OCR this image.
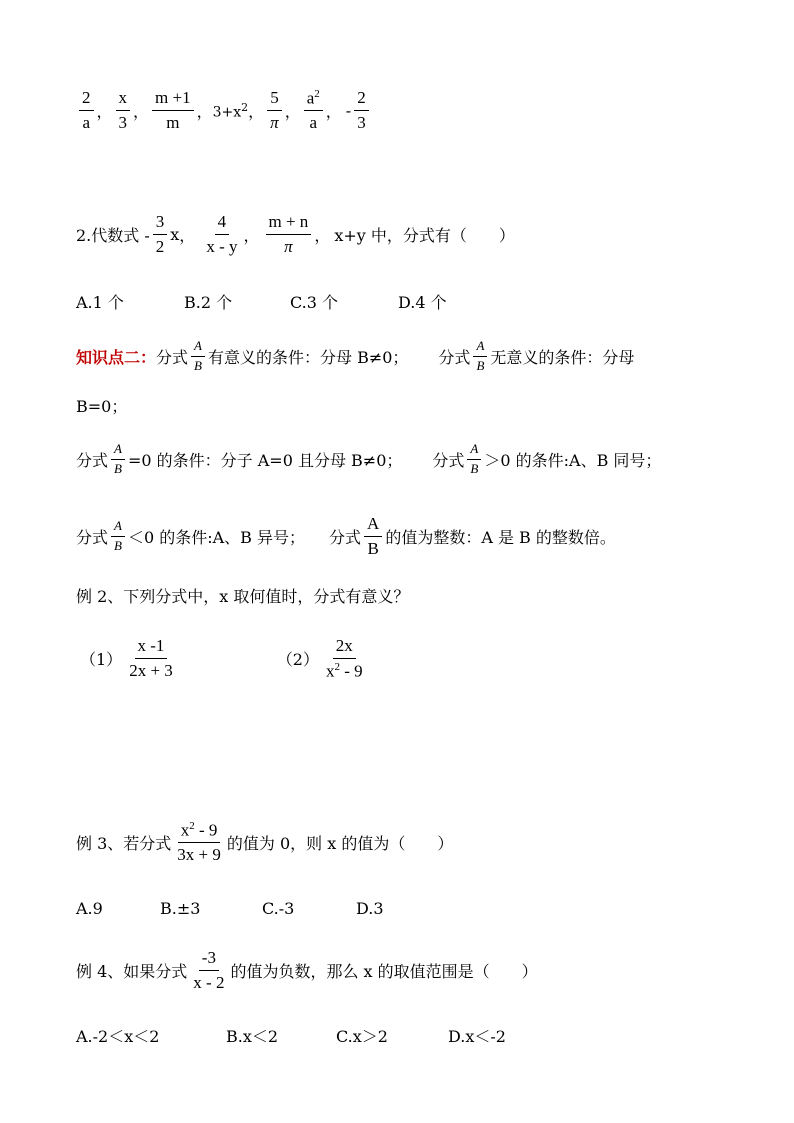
$\frac{2}{a}$ ， $\frac{x}{3}$ ， $\frac{m +1}{m}$ ， $3+x^2$ ， $\frac{5}{\pi}$ ， $\frac{a^2}{a}$ ， - $\frac{2}{3}$
2.代数式 - $\frac{3}{2}$ x ， $\frac{4}{x - y}$ ， $\frac{m + n}{\pi}$ ， x+y 中，分式有（　　）
A.1 个	B.2 个	C.3 个	D.4 个
知识点二： 分式 $\frac{A}{B}$ 有意义的条件：分母 B≠0； 分式 $\frac{A}{B}$ 无意义的条件：分母
B=0；
分式 $\frac{A}{B} =0$ 的条件：分子 A=0 且分母 B≠0； 分式 $\frac{A}{B} >0$ 的条件:A、B 同号；
分式 $\frac{A}{B} <0$ 的条件:A、B 异号； 分式 $\frac{A}{B}$ 的值为整数：A 是 B 的整数倍。
例 2、下列分式中，x 取何值时，分式有意义？
$(1) \frac{x -1}{2x + 3}$	$(2) \frac{2x}{x^2 - 9}$
例 3、若分式 $\frac{x^2 - 9}{3x + 9}$ 的值为 0，则 x 的值为（　　）
A.9	B.±3	C.-3	D.3
例 4、如果分式 $\frac{-3}{x - 2}$ 的值为负数，那么 x 的取值范围是（　　）
A.-2＜x＜2	B.x＜2	C.x＞2	D.x＜-2
